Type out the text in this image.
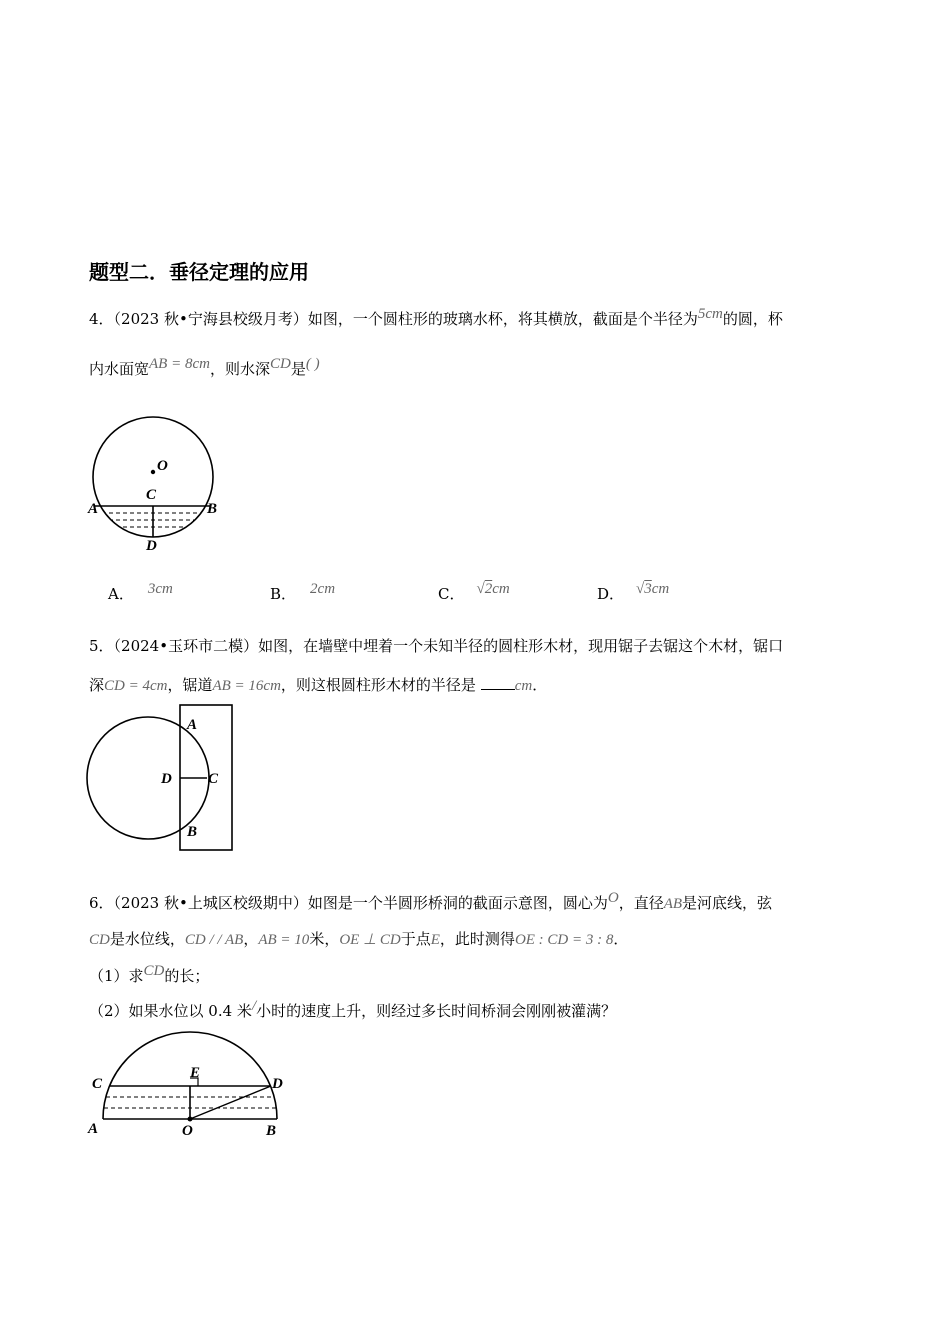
题型二．垂径定理的应用
4．（2023 秋•宁海县校级月考）如图，一个圆柱形的玻璃水杯，将其横放，截面是个半径为5cm的圆，杯
内水面宽AB = 8cm，则水深CD是( )
O
C
A	B
D
A． 3cm	B． 2cm	C． √2cm	D． √3cm
5．（2024•玉环市二模）如图，在墙壁中埋着一个未知半径的圆柱形木材，现用锯子去锯这个木材，锯口
深CD = 4cm，锯道AB = 16cm，则这根圆柱形木材的半径是	cm．
A
D C
B
6．（2023 秋•上城区校级期中）如图是一个半圆形桥洞的截面示意图，圆心为O，直径AB是河底线，弦
CD是水位线，CD / / AB，AB = 10米，OE ⊥ CD于点E，此时测得OE : CD = 3 : 8．
（1）求CD的长；
（2）如果水位以 0.4 米/小时的速度上升，则经过多长时间桥洞会刚刚被灌满？
C
E
D
A	O	B
